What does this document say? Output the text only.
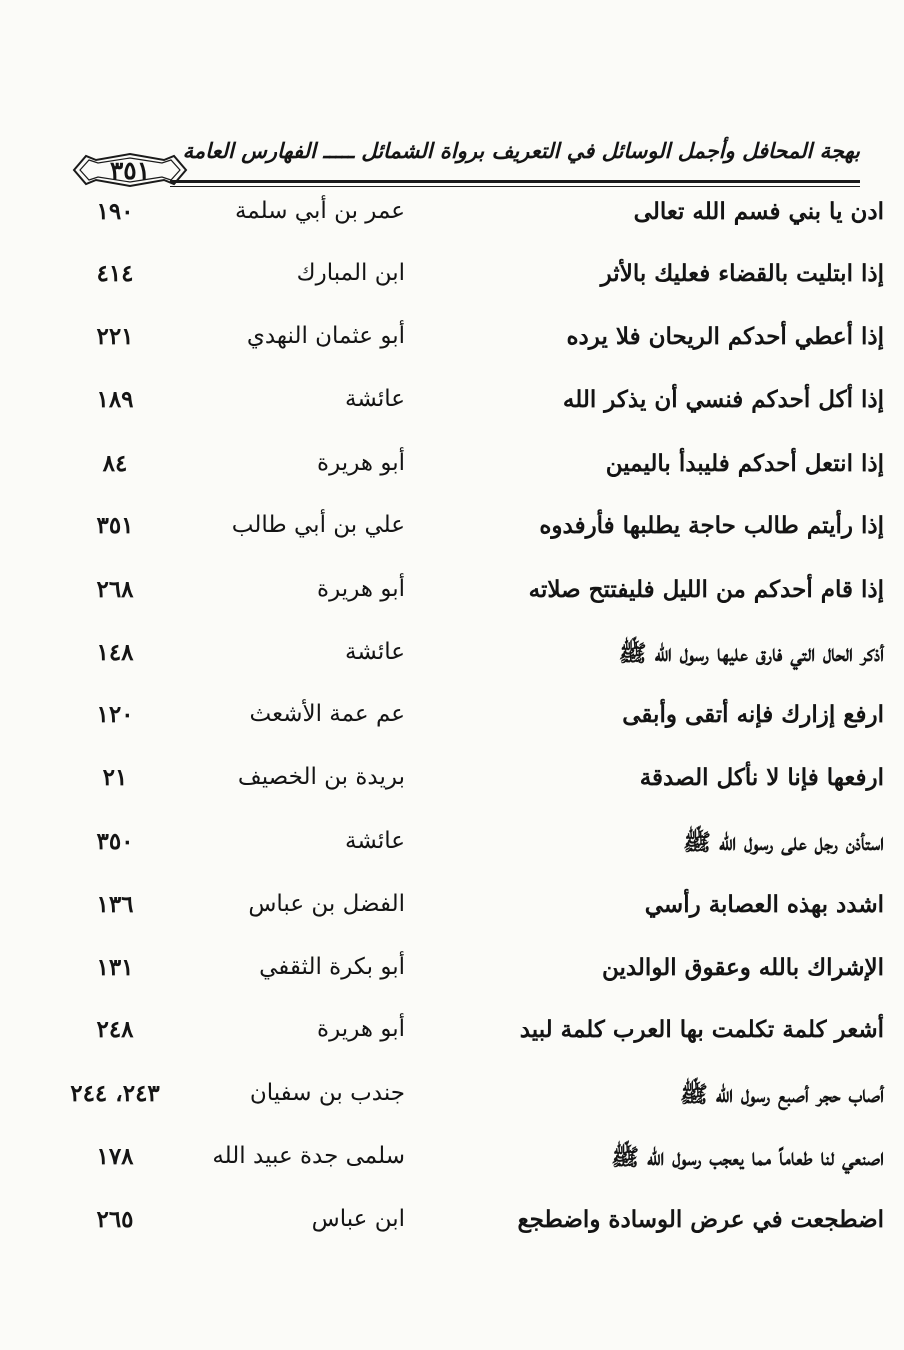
بهجة المحافل وأجمل الوسائل في التعريف برواة الشمائل ـــــ الفهارس العامة
٣٥١
ادن يا بني فسم الله تعالى
عمر بن أبي سلمة
١٩٠
إذا ابتليت بالقضاء فعليك بالأثر
ابن المبارك
٤١٤
إذا أعطي أحدكم الريحان فلا يرده
أبو عثمان النهدي
٢٢١
إذا أكل أحدكم فنسي أن يذكر الله
عائشة
١٨٩
إذا انتعل أحدكم فليبدأ باليمين
أبو هريرة
٨٤
إذا رأيتم طالب حاجة يطلبها فأرفدوه
علي بن أبي طالب
٣٥١
إذا قام أحدكم من الليل فليفتتح صلاته
أبو هريرة
٢٦٨
أذكر الحال التي فارق عليها رسول الله ﷺ
عائشة
١٤٨
ارفع إزارك فإنه أتقى وأبقى
عم عمة الأشعث
١٢٠
ارفعها فإنا لا نأكل الصدقة
بريدة بن الخصيف
٢١
استأذن رجل على رسول الله ﷺ
عائشة
٣٥٠
اشدد بهذه العصابة رأسي
الفضل بن عباس
١٣٦
الإشراك بالله وعقوق الوالدين
أبو بكرة الثقفي
١٣١
أشعر كلمة تكلمت بها العرب كلمة لبيد
أبو هريرة
٢٤٨
أصاب حجر أصبع رسول الله ﷺ
جندب بن سفيان
٢٤٣، ٢٤٤
اصنعي لنا طعاماً مما يعجب رسول الله ﷺ
سلمى جدة عبيد الله
١٧٨
اضطجعت في عرض الوسادة واضطجع
ابن عباس
٢٦٥
